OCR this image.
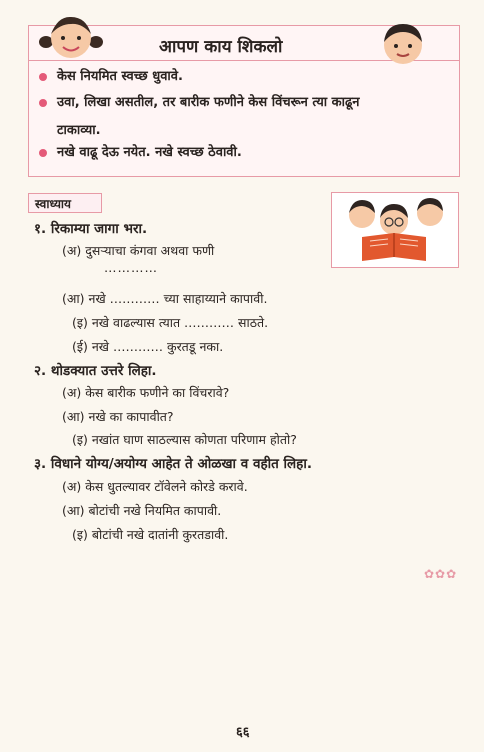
आपण काय शिकलो
केस नियमित स्वच्छ धुवावे.
उवा, लिखा असतील, तर बारीक फणीने केस विंचरून त्या काढून
टाकाव्या.
नखे वाढू देऊ नयेत. नखे स्वच्छ ठेवावी.
स्वाध्याय
१. रिकाम्या जागा भरा.
(अ) दुसऱ्याचा कंगवा अथवा फणी
…………
(आ) नखे ………… च्या साहाय्याने कापावी.
(इ) नखे वाढल्यास त्यात ………… साठते.
(ई) नखे ………… कुरतडू नका.
२. थोडक्यात उत्तरे लिहा.
(अ) केस बारीक फणीने का विंचरावे?
(आ) नखे का कापावीत?
(इ) नखांत घाण साठल्यास कोणता परिणाम होतो?
३. विधाने योग्य/अयोग्य आहेत ते ओळखा व वहीत लिहा.
(अ) केस धुतल्यावर टॉवेलने कोरडे करावे.
(आ) बोटांची नखे नियमित कापावी.
(इ) बोटांची नखे दातांनी कुरतडावी.
✿✿✿
६६
